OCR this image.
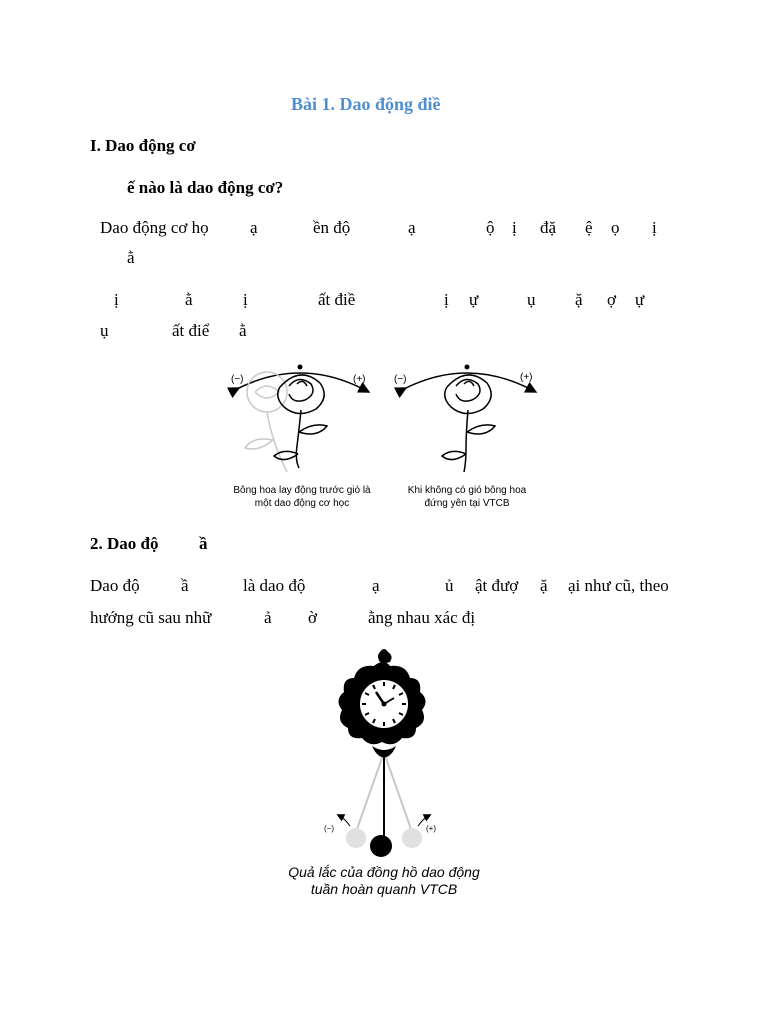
Bài 1. Dao động điề
I. Dao động cơ
ế nào là dao động cơ?
Dao động cơ họ ạ	ền độ	ạ	ộ ị đặ ệ ọ ị
ằ
ị	ằ	ị	ất điề	ị ự	ụ ặ ợ ự
ụ	ất điể ằ
(−)	(+)
Bông hoa lay động trước gió là một dao động cơ học
(−)	(+)
Khi không có gió bông hoa đứng yên tại VTCB
2. Dao độ ầ
Dao độ ầ	là dao độ	ạ	ủ ật đượ ặ ại như cũ, theo
hướng cũ sau nhữ	ả ờ	ằng nhau xác đị
(−)	(+)
Quả lắc của đồng hồ dao động tuần hoàn quanh VTCB
